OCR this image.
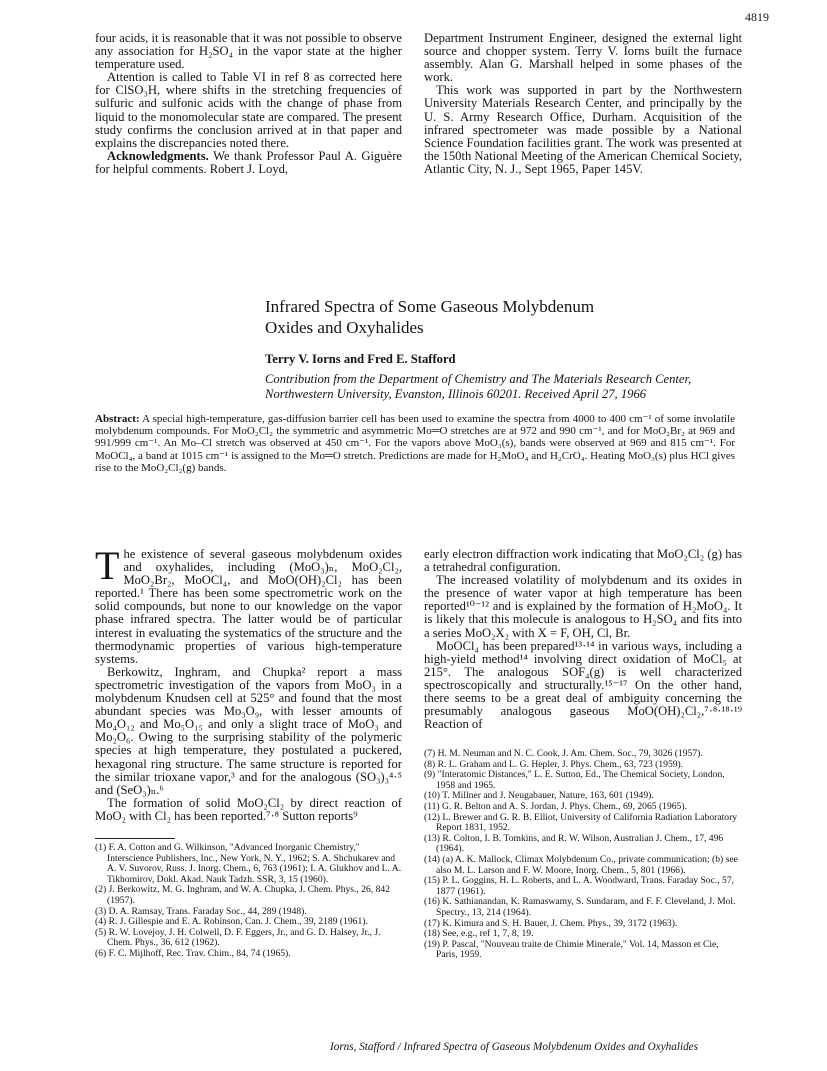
4819

four acids, it is reasonable that it was not possible to observe any association for H₂SO₄ in the vapor state at the higher temperature used.

Attention is called to Table VI in ref 8 as corrected here for ClSO₃H, where shifts in the stretching frequencies of sulfuric and sulfonic acids with the change of phase from liquid to the monomolecular state are compared. The present study confirms the conclusion arrived at in that paper and explains the discrepancies noted there.

Acknowledgments. We thank Professor Paul A. Giguère for helpful comments. Robert J. Loyd,

Department Instrument Engineer, designed the external light source and chopper system. Terry V. Iorns built the furnace assembly. Alan G. Marshall helped in some phases of the work.

This work was supported in part by the Northwestern University Materials Research Center, and principally by the U. S. Army Research Office, Durham. Acquisition of the infrared spectrometer was made possible by a National Science Foundation facilities grant. The work was presented at the 150th National Meeting of the American Chemical Society, Atlantic City, N. J., Sept 1965, Paper 145V.

Infrared Spectra of Some Gaseous Molybdenum
Oxides and Oxyhalides
Terry V. Iorns and Fred E. Stafford
Contribution from the Department of Chemistry and The Materials Research Center,
Northwestern University, Evanston, Illinois 60201. Received April 27, 1966
Abstract: A special high-temperature, gas-diffusion barrier cell has been used to examine the spectra from 4000 to 400 cm⁻¹ of some involatile molybdenum compounds. For MoO₂Cl₂ the symmetric and asymmetric Mo═O stretches are at 972 and 990 cm⁻¹, and for MoO₂Br₂ at 969 and 991/999 cm⁻¹. An Mo–Cl stretch was observed at 450 cm⁻¹. For the vapors above MoO₃(s), bands were observed at 969 and 815 cm⁻¹. For MoOCl₄, a band at 1015 cm⁻¹ is assigned to the Mo═O stretch. Predictions are made for H₂MoO₄ and H₂CrO₄. Heating MoO₃(s) plus HCl gives rise to the MoO₂Cl₂(g) bands.

The existence of several gaseous molybdenum oxides and oxyhalides, including (MoO₃)ₙ, MoO₂Cl₂, MoO₂Br₂, MoOCl₄, and MoO(OH)₂Cl₂ has been reported.¹ There has been some spectrometric work on the solid compounds, but none to our knowledge on the vapor phase infrared spectra. The latter would be of particular interest in evaluating the systematics of the structure and the thermodynamic properties of various high-temperature systems.

Berkowitz, Inghram, and Chupka² report a mass spectrometric investigation of the vapors from MoO₃ in a molybdenum Knudsen cell at 525° and found that the most abundant species was Mo₃O₉, with lesser amounts of Mo₄O₁₂ and Mo₅O₁₅ and only a slight trace of MoO₃ and Mo₂O₆. Owing to the surprising stability of the polymeric species at high temperature, they postulated a puckered, hexagonal ring structure. The same structure is reported for the similar trioxane vapor,³ and for the analogous (SO₃)₃⁴·⁵ and (SeO₃)ₙ.⁶

The formation of solid MoO₂Cl₂ by direct reaction of MoO₂ with Cl₂ has been reported.⁷·⁸ Sutton reports⁹

early electron diffraction work indicating that MoO₂Cl₂ (g) has a tetrahedral configuration.

The increased volatility of molybdenum and its oxides in the presence of water vapor at high temperature has been reported¹⁰⁻¹² and is explained by the formation of H₂MoO₄. It is likely that this molecule is analogous to H₂SO₄ and fits into a series MoO₂X₂ with X = F, OH, Cl, Br.

MoOCl₄ has been prepared¹³·¹⁴ in various ways, including a high-yield method¹⁴ involving direct oxidation of MoCl₅ at 215°. The analogous SOF₄(g) is well characterized spectroscopically and structurally.¹⁵⁻¹⁷ On the other hand, there seems to be a great deal of ambiguity concerning the presumably analogous gaseous MoO(OH)₂Cl₂,⁷·⁸·¹⁸·¹⁹ Reaction of

(1) F. A. Cotton and G. Wilkinson, "Advanced Inorganic Chemistry," Interscience Publishers, Inc., New York, N. Y., 1962; S. A. Shchukarev and A. V. Suvorov, Russ. J. Inorg. Chem., 6, 763 (1961); I. A. Glukhov and L. A. Tikhomirov, Dokl. Akad. Nauk Tadzh. SSR, 3, 15 (1960).
(2) J. Berkowitz, M. G. Inghram, and W. A. Chupka, J. Chem. Phys., 26, 842 (1957).
(3) D. A. Ramsay, Trans. Faraday Soc., 44, 289 (1948).
(4) R. J. Gillespie and E. A. Robinson, Can. J. Chem., 39, 2189 (1961).
(5) R. W. Lovejoy, J. H. Colwell, D. F. Eggers, Jr., and G. D. Halsey, Jr., J. Chem. Phys., 36, 612 (1962).
(6) F. C. Mijlhoff, Rec. Trav. Chim., 84, 74 (1965).
(7) H. M. Neuman and N. C. Cook, J. Am. Chem. Soc., 79, 3026 (1957).
(8) R. L. Graham and L. G. Hepler, J. Phys. Chem., 63, 723 (1959).
(9) "Interatomic Distances," L. E. Sutton, Ed., The Chemical Society, London, 1958 and 1965.
(10) T. Millner and J. Neugabauer, Nature, 163, 601 (1949).
(11) G. R. Belton and A. S. Jordan, J. Phys. Chem., 69, 2065 (1965).
(12) L. Brewer and G. R. B. Elliot, University of California Radiation Laboratory Report 1831, 1952.
(13) R. Colton, I. B. Tomkins, and R. W. Wilson, Australian J. Chem., 17, 496 (1964).
(14) (a) A. K. Mallock, Climax Molybdenum Co., private communication; (b) see also M. L. Larson and F. W. Moore, Inorg. Chem., 5, 801 (1966).
(15) P. L. Goggins, H. L. Roberts, and L. A. Woodward, Trans. Faraday Soc., 57, 1877 (1961).
(16) K. Sathianandan, K. Ramaswamy, S. Sundaram, and F. F. Cleveland, J. Mol. Spectry., 13, 214 (1964).
(17) K. Kimura and S. H. Bauer, J. Chem. Phys., 39, 3172 (1963).
(18) See, e.g., ref 1, 7, 8, 19.
(19) P. Pascal, "Nouveau traite de Chimie Minerale," Vol. 14, Masson et Cie, Paris, 1959.
Iorns, Stafford / Infrared Spectra of Gaseous Molybdenum Oxides and Oxyhalides
